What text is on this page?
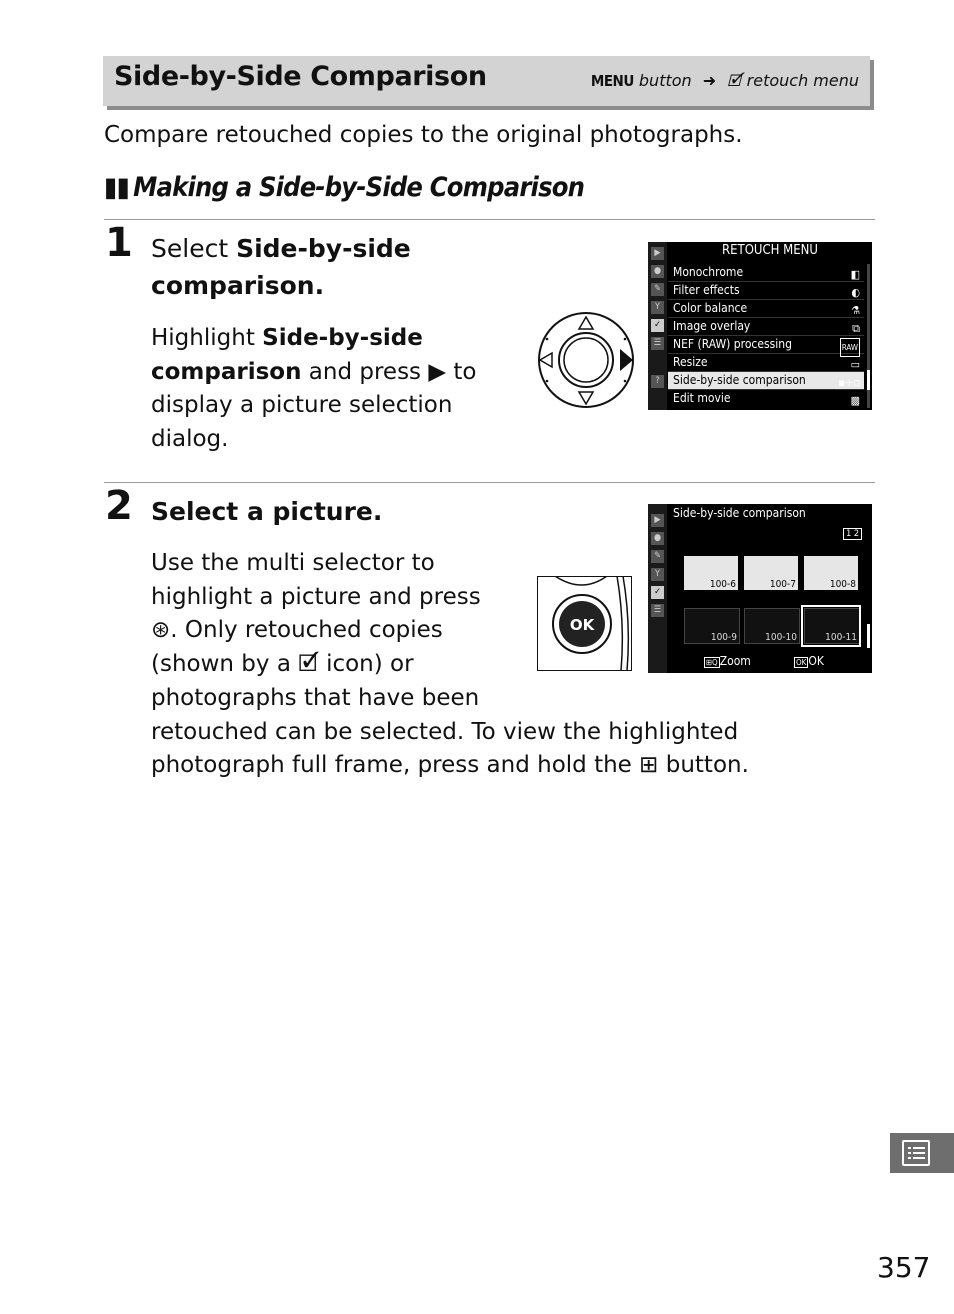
Side-by-Side Comparison	MENU button ➜ 🗹 retouch menu
Compare retouched copies to the original photographs.
▮▮ Making a Side-by-Side Comparison
1 Select Side-by-side comparison.
Highlight Side-by-side comparison and press ▶ to display a picture selection dialog.
▶
●
✎
Y
✓
☰
?
RETOUCH MENU
Monochrome	◧
Filter effects	◐
Color balance	⚗
Image overlay	⧉
NEF (RAW) processing	RAW
Resize	▭
Side-by-side comparison	▪+▫
Edit movie	▩
2 Select a picture.
Use the multi selector to
highlight a picture and press
⊛. Only retouched copies
(shown by a 🗹 icon) or
photographs that have been
retouched can be selected. To view the highlighted
photograph full frame, press and hold the ⊞ button.
OK
▶
●
✎
Y
✓
☰
Side-by-side comparison
1 2
100-6	100-7	100-8
100-9	100-10	100-11
⊞Q Zoom	OK OK
357
